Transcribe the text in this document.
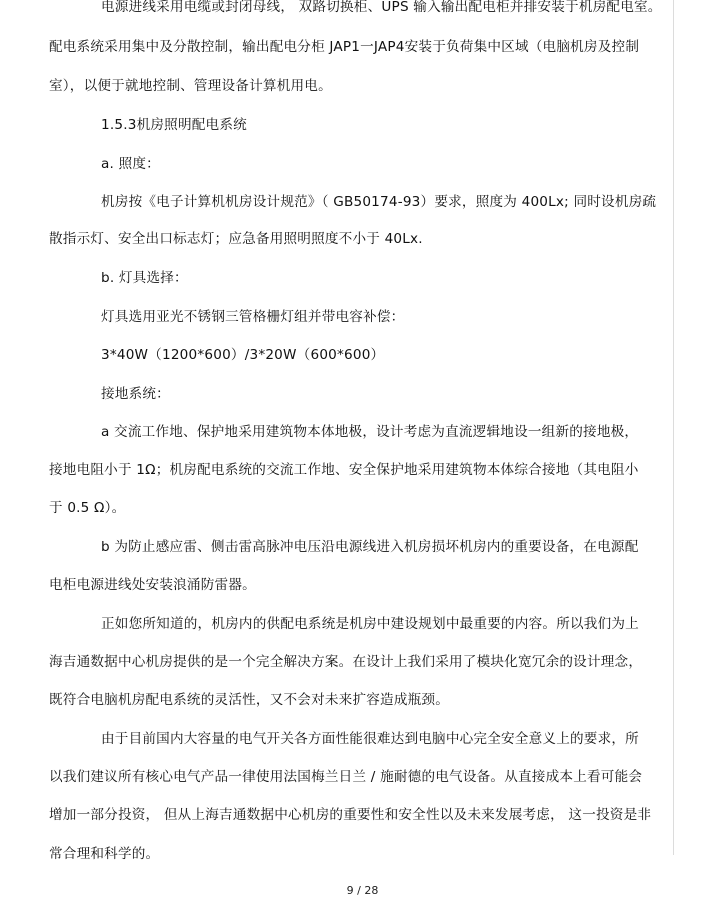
电源进线采用电缆或封闭母线， 双路切换柜、UPS 输入输出配电柜并排安装于机房配电室。
配电系统采用集中及分散控制，输出配电分柜 JAP1一JAP4安装于负荷集中区域（电脑机房及控制
室），以便于就地控制、管理设备计算机用电。
1.5.3机房照明配电系统
a. 照度：
机房按《电子计算机机房设计规范》（ GB50174-93）要求，照度为 400Lx; 同时设机房疏
散指示灯、安全出口标志灯；应急备用照明照度不小于 40Lx.
b. 灯具选择：
灯具选用亚光不锈钢三管格栅灯组并带电容补偿：
3*40W（1200*600）/3*20W（600*600）
接地系统：
a 交流工作地、保护地采用建筑物本体地极，设计考虑为直流逻辑地设一组新的接地极，
接地电阻小于 1Ω；机房配电系统的交流工作地、安全保护地采用建筑物本体综合接地（其电阻小
于 0.5 Ω）。
b 为防止感应雷、侧击雷高脉冲电压沿电源线进入机房损坏机房内的重要设备，在电源配
电柜电源进线处安装浪涌防雷器。
正如您所知道的，机房内的供配电系统是机房中建设规划中最重要的内容。所以我们为上
海吉通数据中心机房提供的是一个完全解决方案。在设计上我们采用了模块化宽冗余的设计理念，
既符合电脑机房配电系统的灵活性，又不会对未来扩容造成瓶颈。
由于目前国内大容量的电气开关各方面性能很难达到电脑中心完全安全意义上的要求，所
以我们建议所有核心电气产品一律使用法国梅兰日兰 / 施耐德的电气设备。从直接成本上看可能会
增加一部分投资， 但从上海吉通数据中心机房的重要性和安全性以及未来发展考虑， 这一投资是非
常合理和科学的。
9 / 28
